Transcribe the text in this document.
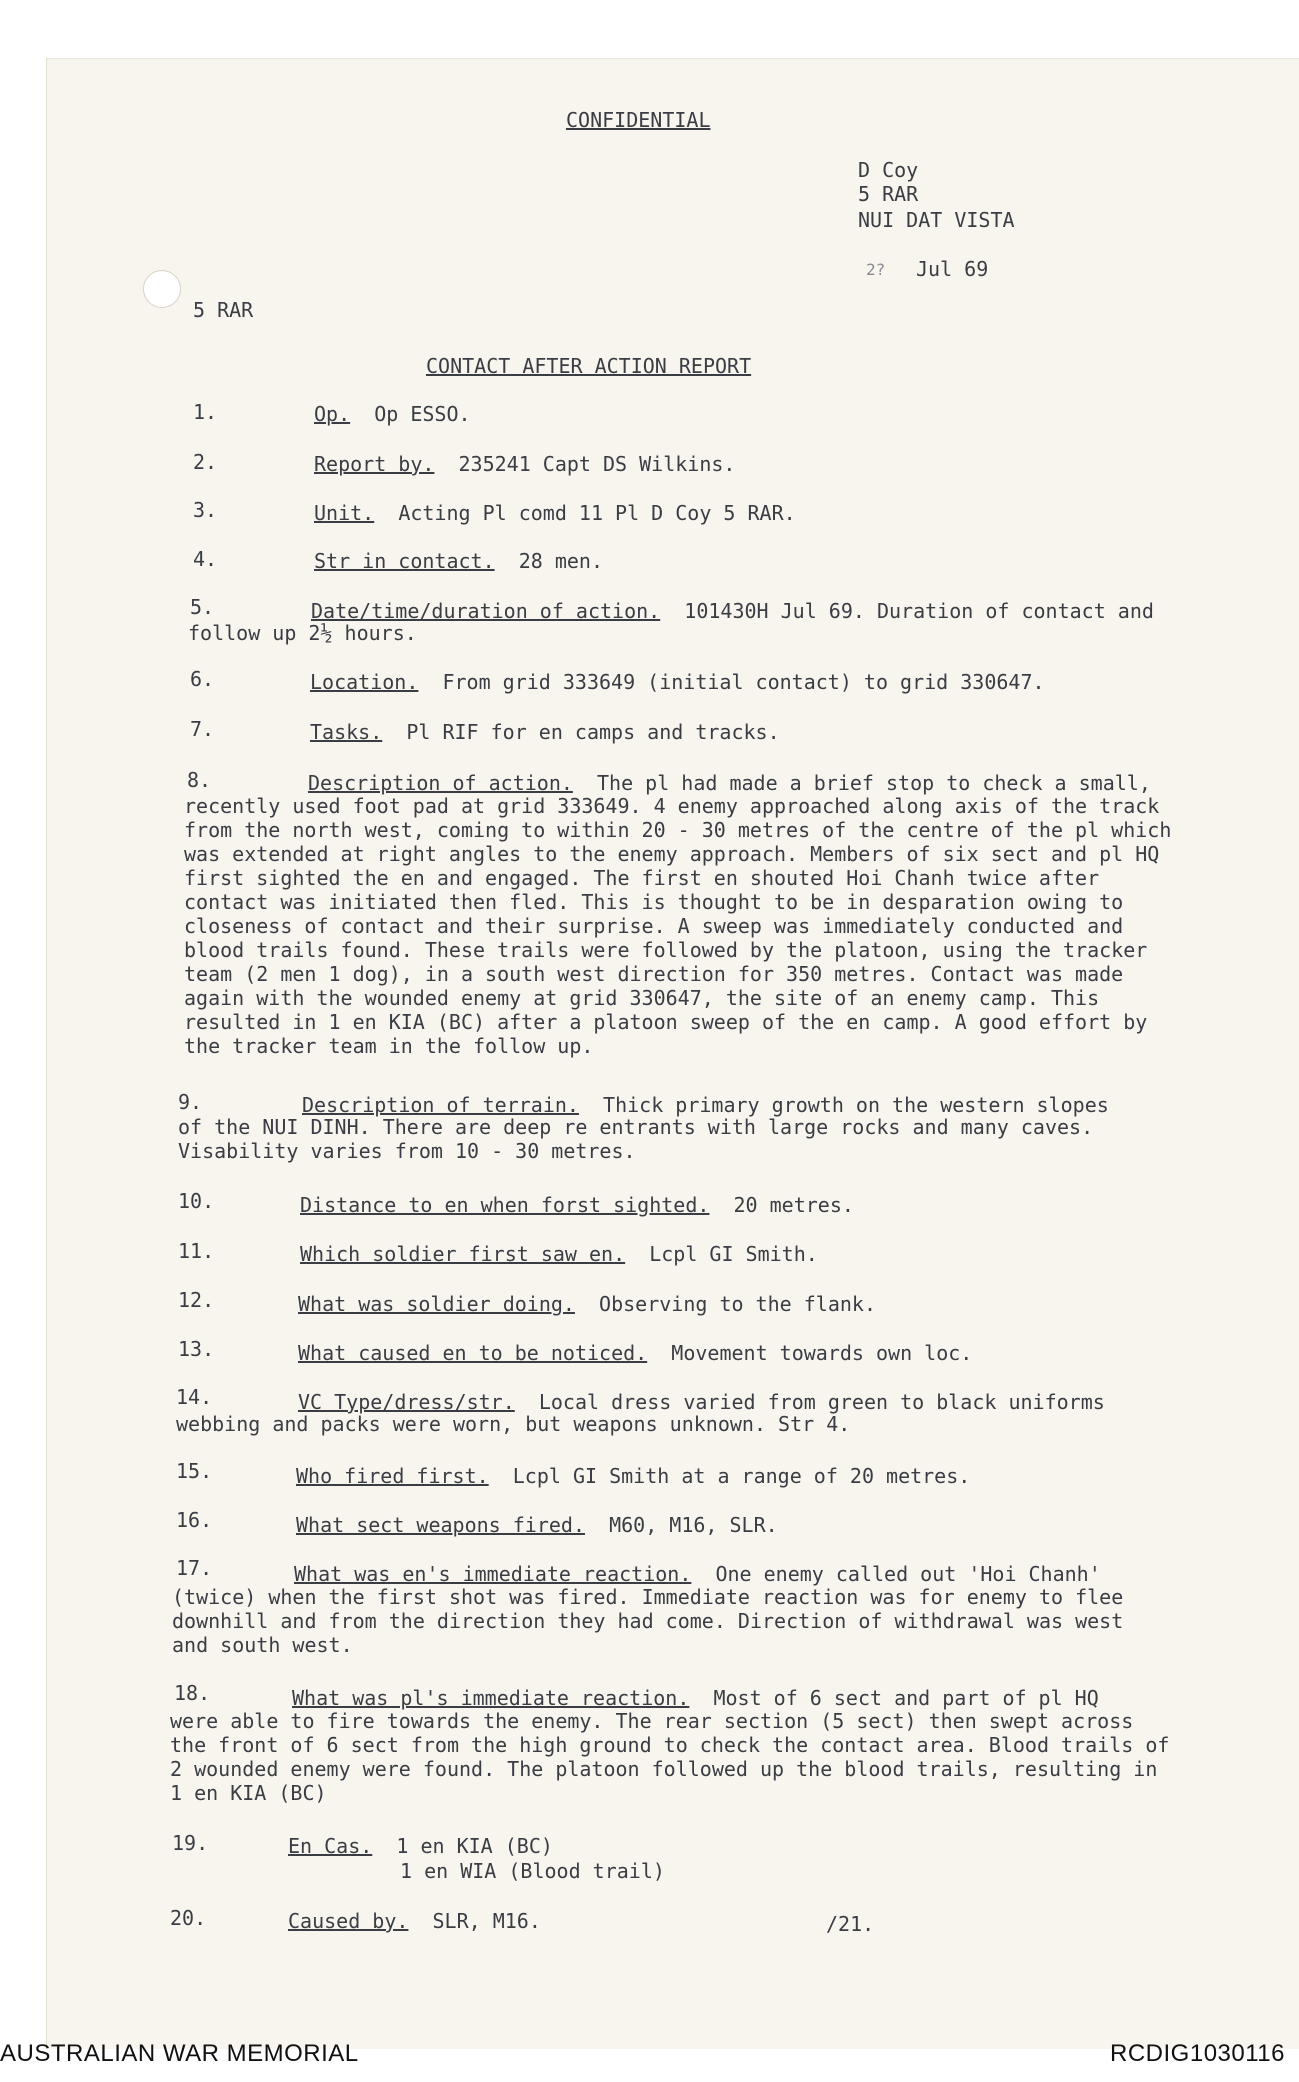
CONFIDENTIAL
D Coy
5 RAR
NUI DAT VISTA
2? Jul 69
5 RAR
CONTACT AFTER ACTION REPORT
1.	Op. Op ESSO.
2.	Report by. 235241 Capt DS Wilkins.
3.	Unit. Acting Pl comd 11 Pl D Coy 5 RAR.
4.	Str in contact. 28 men.
5.	Date/time/duration of action. 101430H Jul 69. Duration of contact and
follow up 2½ hours.
6.	Location. From grid 333649 (initial contact) to grid 330647.
7.	Tasks. Pl RIF for en camps and tracks.
8.	Description of action. The pl had made a brief stop to check a small,
recently used foot pad at grid 333649. 4 enemy approached along axis of the track from the north west, coming to within 20 - 30 metres of the centre of the pl which was extended at right angles to the enemy approach. Members of six sect and pl HQ first sighted the en and engaged. The first en shouted Hoi Chanh twice after contact was initiated then fled. This is thought to be in desparation owing to closeness of contact and their surprise. A sweep was immediately conducted and blood trails found. These trails were followed by the platoon, using the tracker team (2 men 1 dog), in a south west direction for 350 metres. Contact was made again with the wounded enemy at grid 330647, the site of an enemy camp. This resulted in 1 en KIA (BC) after a platoon sweep of the en camp. A good effort by the tracker team in the follow up.
9.	Description of terrain. Thick primary growth on the western slopes
of the NUI DINH. There are deep re entrants with large rocks and many caves. Visability varies from 10 - 30 metres.
10.	Distance to en when forst sighted. 20 metres.
11.	Which soldier first saw en. Lcpl GI Smith.
12.	What was soldier doing. Observing to the flank.
13.	What caused en to be noticed. Movement towards own loc.
14.	VC Type/dress/str. Local dress varied from green to black uniforms
webbing and packs were worn, but weapons unknown. Str 4.
15.	Who fired first. Lcpl GI Smith at a range of 20 metres.
16.	What sect weapons fired. M60, M16, SLR.
17.	What was en's immediate reaction. One enemy called out 'Hoi Chanh'
(twice) when the first shot was fired. Immediate reaction was for enemy to flee downhill and from the direction they had come. Direction of withdrawal was west and south west.
18.	What was pl's immediate reaction. Most of 6 sect and part of pl HQ
were able to fire towards the enemy. The rear section (5 sect) then swept across the front of 6 sect from the high ground to check the contact area. Blood trails of 2 wounded enemy were found. The platoon followed up the blood trails, resulting in 1 en KIA (BC)
19.	En Cas. 1 en KIA (BC)
1 en WIA (Blood trail)
20.	Caused by. SLR, M16.	/21.
AUSTRALIAN WAR MEMORIAL	RCDIG1030116
